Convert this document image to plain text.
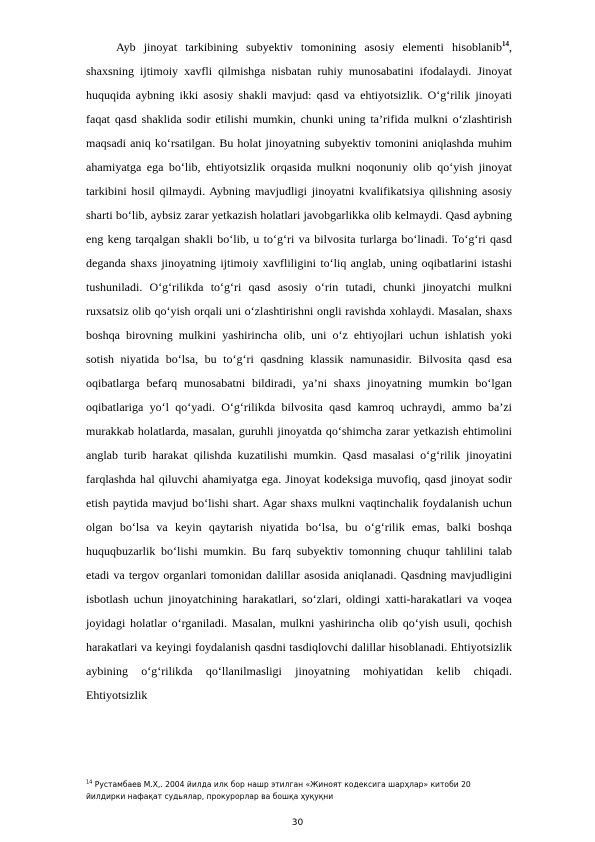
Ayb jinoyat tarkibining subyektiv tomonining asosiy elementi hisoblanib$^{14}$, shaxsning ijtimoiy xavfli qilmishga nisbatan ruhiy munosabatini ifodalaydi. Jinoyat huquqida aybning ikki asosiy shakli mavjud: qasd va ehtiyotsizlik. O‘g‘rilik jinoyati faqat qasd shaklida sodir etilishi mumkin, chunki uning ta’rifida mulkni o‘zlashtirish maqsadi aniq ko‘rsatilgan. Bu holat jinoyatning subyektiv tomonini aniqlashda muhim ahamiyatga ega bo‘lib, ehtiyotsizlik orqasida mulkni noqonuniy olib qo‘yish jinoyat tarkibini hosil qilmaydi. Aybning mavjudligi jinoyatni kvalifikatsiya qilishning asosiy sharti bo‘lib, aybsiz zarar yetkazish holatlari javobgarlikka olib kelmaydi. Qasd aybning eng keng tarqalgan shakli bo‘lib, u to‘g‘ri va bilvosita turlarga bo‘linadi. To‘g‘ri qasd deganda shaxs jinoyatning ijtimoiy xavfliligini to‘liq anglab, uning oqibatlarini istashi tushuniladi. O‘g‘rilikda to‘g‘ri qasd asosiy o‘rin tutadi, chunki jinoyatchi mulkni ruxsatsiz olib qo‘yish orqali uni o‘zlashtirishni ongli ravishda xohlaydi. Masalan, shaxs boshqa birovning mulkini yashirincha olib, uni o‘z ehtiyojlari uchun ishlatish yoki sotish niyatida bo‘lsa, bu to‘g‘ri qasdning klassik namunasidir. Bilvosita qasd esa oqibatlarga befarq munosabatni bildiradi, ya’ni shaxs jinoyatning mumkin bo‘lgan oqibatlariga yo‘l qo‘yadi. O‘g‘rilikda bilvosita qasd kamroq uchraydi, ammo ba’zi murakkab holatlarda, masalan, guruhli jinoyatda qo‘shimcha zarar yetkazish ehtimolini anglab turib harakat qilishda kuzatilishi mumkin. Qasd masalasi o‘g‘rilik jinoyatini farqlashda hal qiluvchi ahamiyatga ega. Jinoyat kodeksiga muvofiq, qasd jinoyat sodir etish paytida mavjud bo‘lishi shart. Agar shaxs mulkni vaqtinchalik foydalanish uchun olgan bo‘lsa va keyin qaytarish niyatida bo‘lsa, bu o‘g‘rilik emas, balki boshqa huquqbuzarlik bo‘lishi mumkin. Bu farq subyektiv tomonning chuqur tahlilini talab etadi va tergov organlari tomonidan dalillar asosida aniqlanadi. Qasdning mavjudligini isbotlash uchun jinoyatchining harakatlari, so‘zlari, oldingi xatti-harakatlari va voqea joyidagi holatlar o‘rganiladi. Masalan, mulkni yashirincha olib qo‘yish usuli, qochish harakatlari va keyingi foydalanish qasdni tasdiqlovchi dalillar hisoblanadi. Ehtiyotsizlik aybining o‘g‘rilikda qo‘llanilmasligi jinoyatning mohiyatidan kelib chiqadi. Ehtiyotsizlik

$^{14}$ Рустамбаев М.Х,. 2004 йилда илк бор нашр этилган «Жиноят кодексига шарҳлар» китоби 20 йилдирки нафақат судьялар, прокурорлар ва бошқа ҳуқуқни
30
